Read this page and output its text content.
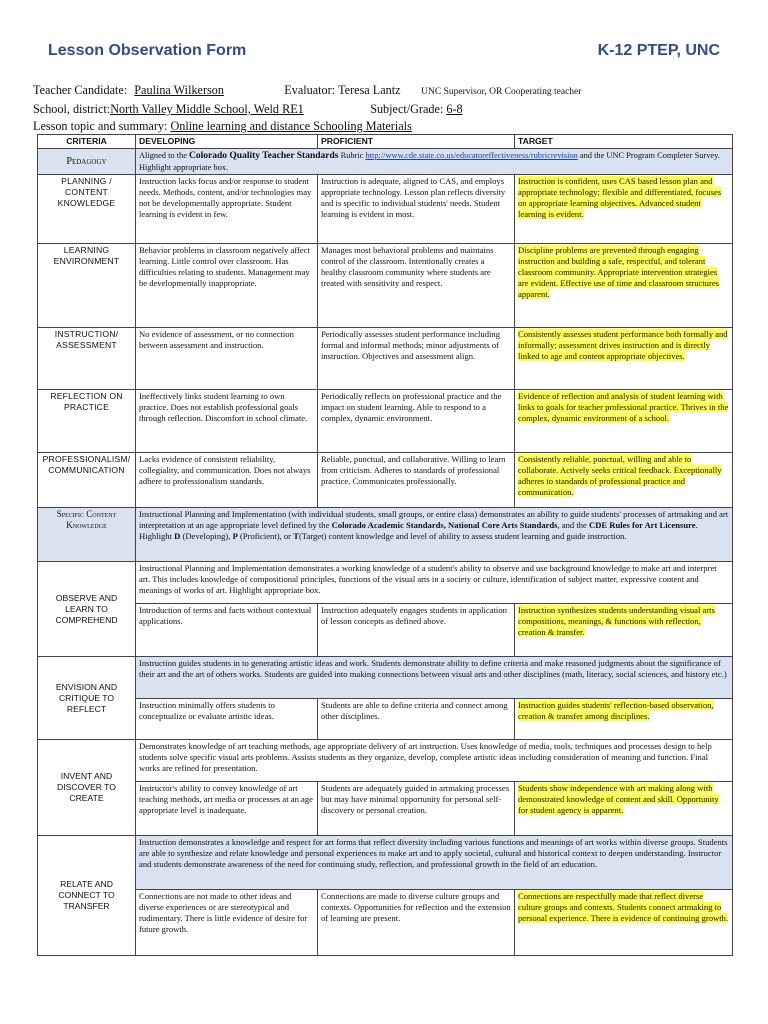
Lesson Observation Form	K-12 PTEP, UNC
Teacher Candidate: Paulina Wilkerson	Evaluator: Teresa Lantz UNC Supervisor, OR Cooperating teacher
School, district:North Valley Middle School, Weld RE1	Subject/Grade: 6-8
Lesson topic and summary: Online learning and distance Schooling Materials
CRITERIA	DEVELOPING	PROFICIENT	TARGET
Pedagogy	Aligned to the Colorado Quality Teacher Standards Rubric http://www.cde.state.co.us/educatoreffectiveness/rubricrevision and the UNC Program Completer Survey. Highlight appropriate box.		
PLANNING / CONTENT KNOWLEDGE	Instruction lacks focus and/or response to student needs. Methods, content, and/or technologies may not be developmentally appropriate. Student learning is evident in few.	Instruction is adequate, aligned to CAS, and employs appropriate technology. Lesson plan reflects diversity and is specific to individual students' needs. Student learning is evident in most.	Instruction is confident, uses CAS based lesson plan and appropriate technology; flexible and differentiated, focuses on appropriate learning objectives. Advanced student learning is evident.
LEARNING ENVIRONMENT	Behavior problems in classroom negatively affect learning. Little control over classroom. Has difficulties relating to students. Management may be developmentally inappropriate.	Manages most behavioral problems and maintains control of the classroom. Intentionally creates a healthy classroom community where students are treated with sensitivity and respect.	Discipline problems are prevented through engaging instruction and building a safe, respectful, and tolerant classroom community. Appropriate intervention strategies are evident. Effective use of time and classroom structures apparent.
INSTRUCTION/ ASSESSMENT	No evidence of assessment, or no connection between assessment and instruction.	Periodically assesses student performance including formal and informal methods; minor adjustments of instruction. Objectives and assessment align.	Consistently assesses student performance both formally and informally; assessment drives instruction and is directly linked to age and content appropriate objectives.
REFLECTION ON PRACTICE	Ineffectively links student learning to own practice. Does not establish professional goals through reflection. Discomfort in school climate.	Periodically reflects on professional practice and the impact on student learning. Able to respond to a complex, dynamic environment.	Evidence of reflection and analysis of student learning with links to goals for teacher professional practice. Thrives in the complex, dynamic environment of a school.
PROFESSIONALISM/ COMMUNICATION	Lacks evidence of consistent reliability, collegiality, and communication. Does not always adhere to professionalism standards.	Reliable, punctual, and collaborative. Willing to learn from criticism. Adheres to standards of professional practice. Communicates professionally.	Consistently reliable, punctual, willing and able to collaborate. Actively seeks critical feedback. Exceptionally adheres to standards of professional practice and communication.
Specific Content Knowledge	Instructional Planning and Implementation (with individual students, small groups, or entire class) demonstrates an ability to guide students' processes of artmaking and art interpretation at an age appropriate level defined by the Colorado Academic Standards, National Core Arts Standards, and the CDE Rules for Art Licensure. Highlight D (Developing), P (Proficient), or T(Target) content knowledge and level of ability to assess student learning and guide instruction.		
OBSERVE AND LEARN TO COMPREHEND	Instructional Planning and Implementation demonstrates a working knowledge of a student's ability to observe and use background knowledge to make art and interpret art. This includes knowledge of compositional principles, functions of the visual arts in a society or culture, identification of subject matter, expressive content and meanings of works of art. Highlight appropriate box.		
	Introduction of terms and facts without contextual applications.	Instruction adequately engages students in application of lesson concepts as defined above.	Instruction synthesizes students understanding visual arts compositions, meanings, & functions with reflection, creation & transfer.
ENVISION AND CRITIQUE TO REFLECT	Instruction guides students in to generating artistic ideas and work. Students demonstrate ability to define criteria and make reasoned judgments about the significance of their art and the art of others works. Students are guided into making connections between visual arts and other disciplines (math, literacy, social sciences, and history etc.)		
	Instruction minimally offers students to conceptualize or evaluate artistic ideas.	Students are able to define criteria and connect among other disciplines.	Instruction guides students' reflection-based observation, creation & transfer among disciplines.
INVENT AND DISCOVER TO CREATE	Demonstrates knowledge of art teaching methods, age appropriate delivery of art instruction. Uses knowledge of media, tools, techniques and processes design to help students solve specific visual arts problems. Assists students as they organize, develop, complete artistic ideas including consideration of meaning and function. Final works are refined for presentation.		
	Instructor's ability to convey knowledge of art teaching methods, art media or processes at an age appropriate level is inadequate.	Students are adequately guided in artmaking processes but may have minimal opportunity for personal self-discovery or personal creation.	Students show independence with art making along with demonstrated knowledge of content and skill. Opportunity for student agency is apparent.
RELATE AND CONNECT TO TRANSFER	Instruction demonstrates a knowledge and respect for art forms that reflect diversity including various functions and meanings of art works within diverse groups. Students are able to synthesize and relate knowledge and personal experiences to make art and to apply societal, cultural and historical context to deepen understanding. Instructor and students demonstrate awareness of the need for continuing study, reflection, and professional growth in the field of art education.		
	Connections are not made to other ideas and diverse experiences or are stereotypical and rudimentary. There is little evidence of desire for future growth.	Connections are made to diverse culture groups and contexts. Opportunities for reflection and the extension of learning are present.	Connections are respectfully made that reflect diverse culture groups and contexts. Students connect artmaking to personal experience. There is evidence of continuing growth.
